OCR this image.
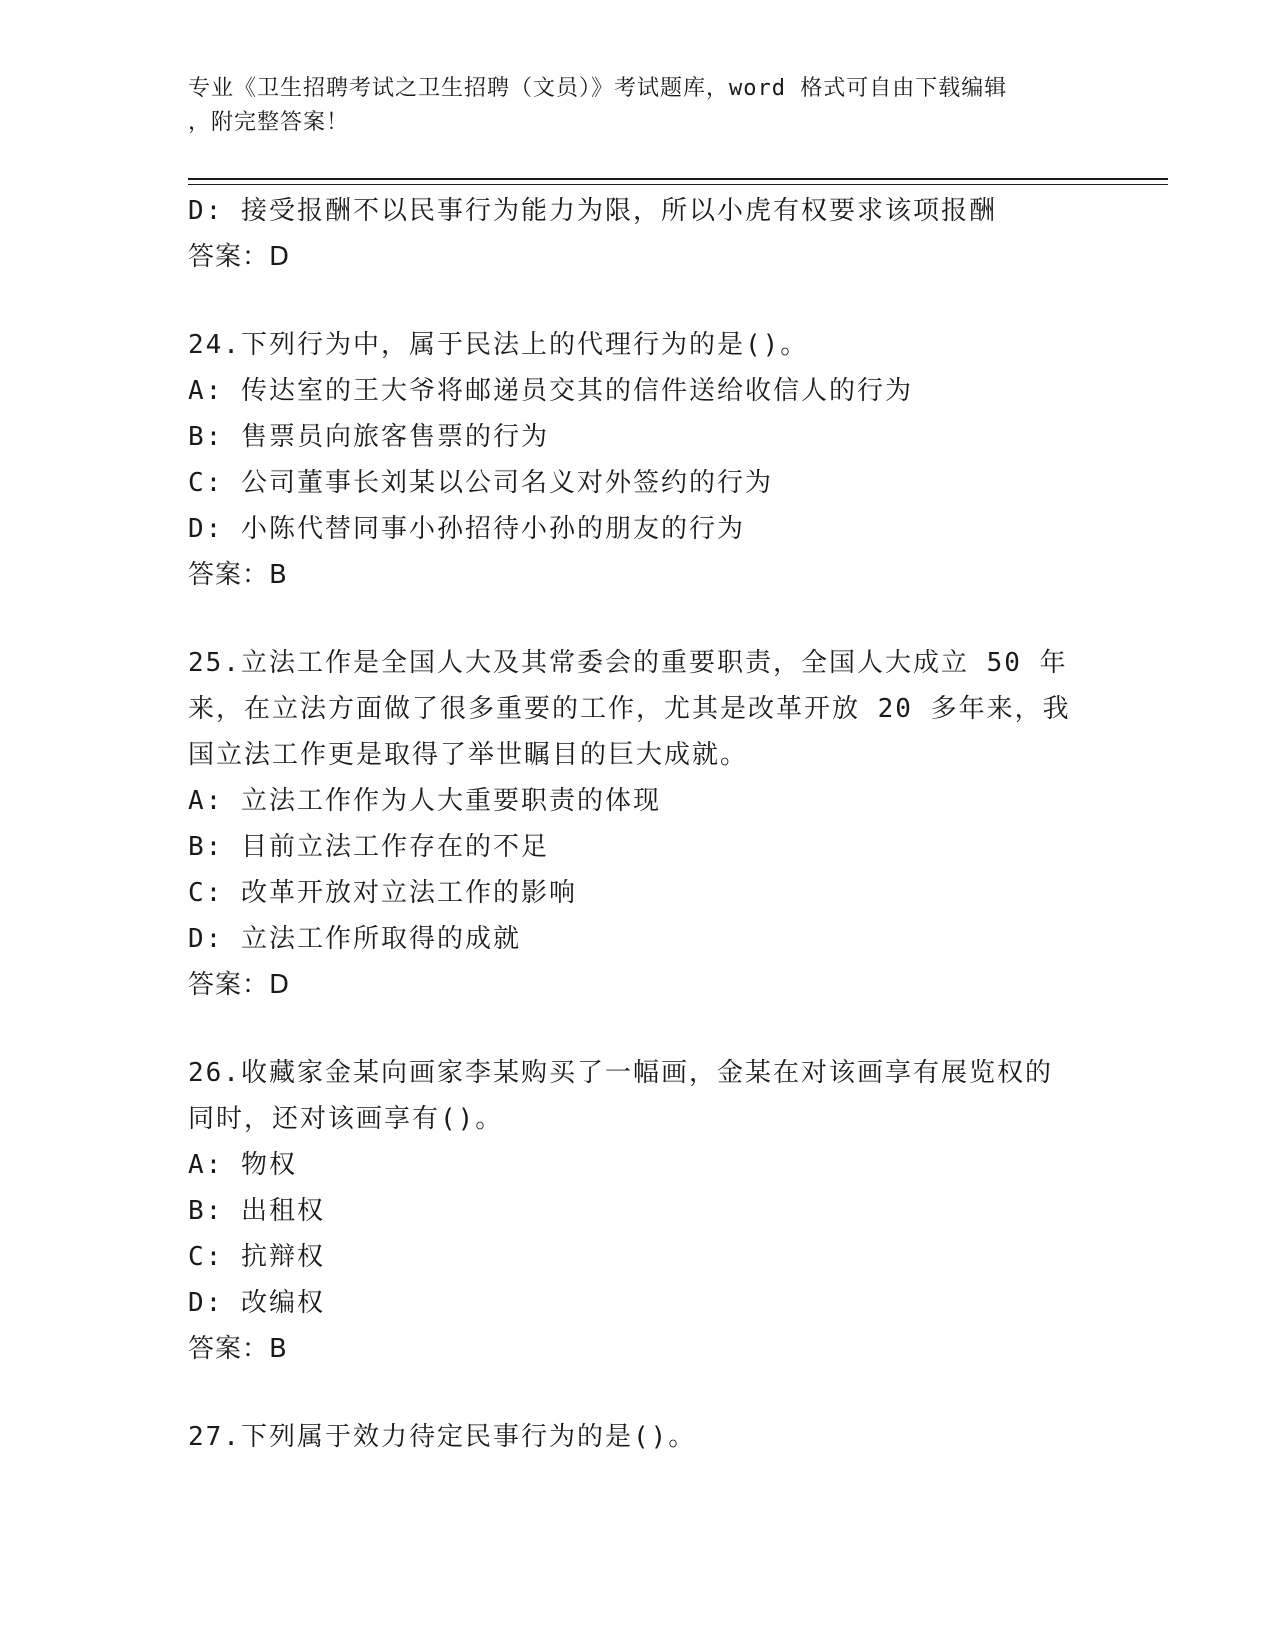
专业《卫生招聘考试之卫生招聘（文员）》考试题库，word 格式可自由下载编辑
，附完整答案！
D: 接受报酬不以民事行为能力为限，所以小虎有权要求该项报酬
答案：D
24.下列行为中，属于民法上的代理行为的是()。
A: 传达室的王大爷将邮递员交其的信件送给收信人的行为
B: 售票员向旅客售票的行为
C: 公司董事长刘某以公司名义对外签约的行为
D: 小陈代替同事小孙招待小孙的朋友的行为
答案：B
25.立法工作是全国人大及其常委会的重要职责，全国人大成立 50 年
来，在立法方面做了很多重要的工作，尤其是改革开放 20 多年来，我
国立法工作更是取得了举世瞩目的巨大成就。
A: 立法工作作为人大重要职责的体现
B: 目前立法工作存在的不足
C: 改革开放对立法工作的影响
D: 立法工作所取得的成就
答案：D
26.收藏家金某向画家李某购买了一幅画，金某在对该画享有展览权的
同时，还对该画享有()。
A: 物权
B: 出租权
C: 抗辩权
D: 改编权
答案：B
27.下列属于效力待定民事行为的是()。
